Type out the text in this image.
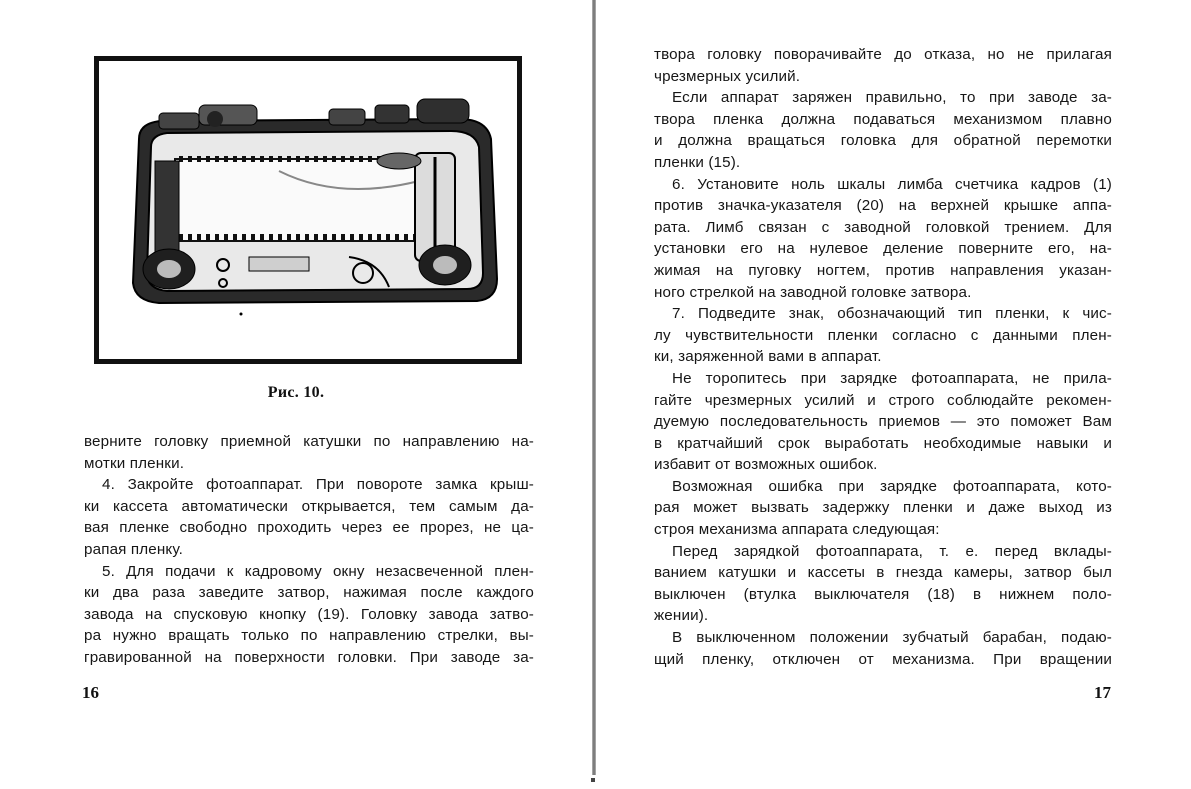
Рис. 10.
верните головку приемной катушки по направлению на-
мотки пленки.
4. Закройте фотоаппарат. При повороте замка крыш-
ки кассета автоматически открывается, тем самым да-
вая пленке свободно проходить через ее прорез, не ца-
рапая пленку.
5. Для подачи к кадровому окну незасвеченной плен-
ки два раза заведите затвор, нажимая после каждого
завода на спусковую кнопку (19). Головку завода затво-
ра нужно вращать только по направлению стрелки, вы-
гравированной на поверхности головки. При заводе за-
16
твора головку поворачивайте до отказа, но не прилагая
чрезмерных усилий.
Если аппарат заряжен правильно, то при заводе за-
твора пленка должна подаваться механизмом плавно
и должна вращаться головка для обратной перемотки
пленки (15).
6. Установите ноль шкалы лимба счетчика кадров (1)
против значка-указателя (20) на верхней крышке аппа-
рата. Лимб связан с заводной головкой трением. Для
установки его на нулевое деление поверните его, на-
жимая на пуговку ногтем, против направления указан-
ного стрелкой на заводной головке затвора.
7. Подведите знак, обозначающий тип пленки, к чис-
лу чувствительности пленки согласно с данными плен-
ки, заряженной вами в аппарат.
Не торопитесь при зарядке фотоаппарата, не прила-
гайте чрезмерных усилий и строго соблюдайте рекомен-
дуемую последовательность приемов — это поможет Вам
в кратчайший срок выработать необходимые навыки и
избавит от возможных ошибок.
Возможная ошибка при зарядке фотоаппарата, кото-
рая может вызвать задержку пленки и даже выход из
строя механизма аппарата следующая:
Перед зарядкой фотоаппарата, т. е. перед вклады-
ванием катушки и кассеты в гнезда камеры, затвор был
выключен (втулка выключателя (18) в нижнем поло-
жении).
В выключенном положении зубчатый барабан, подаю-
щий пленку, отключен от механизма. При вращении
17
